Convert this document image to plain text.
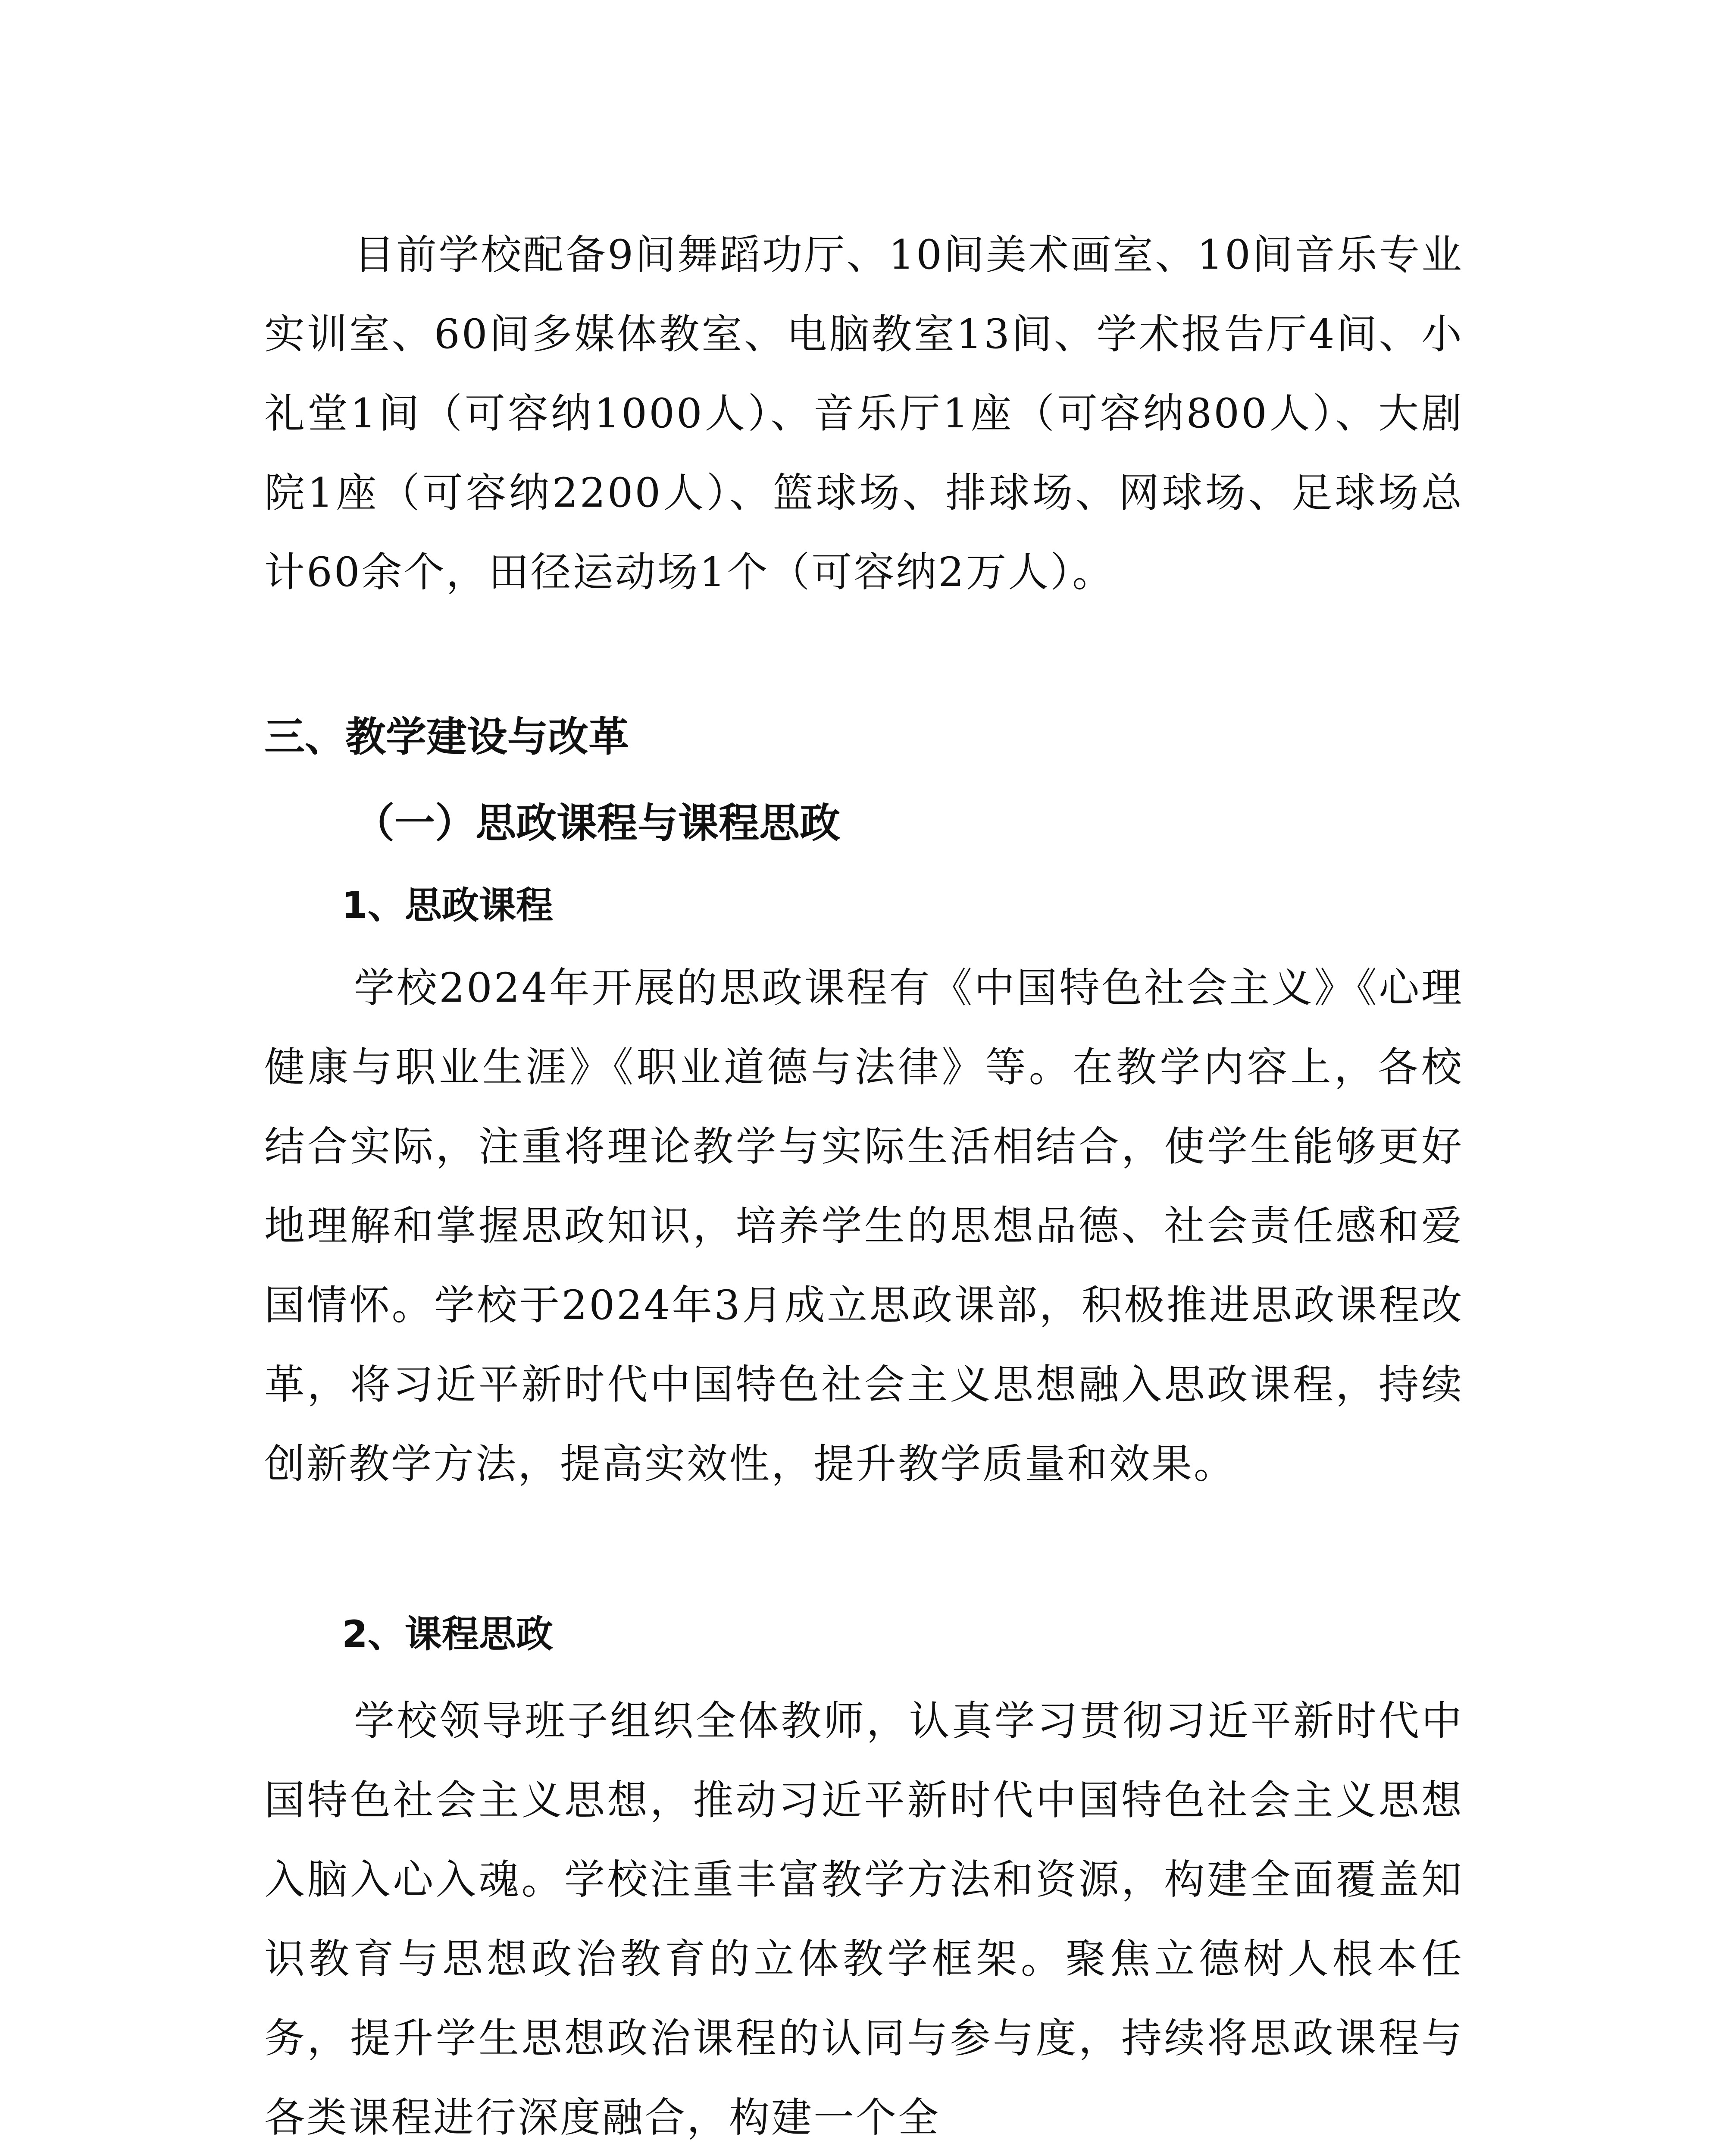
目前学校配备9间舞蹈功厅、10间美术画室、10间音乐专业实训室、60间多媒体教室、电脑教室13间、学术报告厅4间、小礼堂1间（可容纳1000人）、音乐厅1座（可容纳800人）、大剧院1座（可容纳2200人）、篮球场、排球场、网球场、足球场总计60余个，田径运动场1个（可容纳2万人）。

三、教学建设与改革
（一）思政课程与课程思政
1、思政课程

学校2024年开展的思政课程有《中国特色社会主义》《心理健康与职业生涯》《职业道德与法律》等。在教学内容上，各校结合实际，注重将理论教学与实际生活相结合，使学生能够更好地理解和掌握思政知识，培养学生的思想品德、社会责任感和爱国情怀。学校于2024年3月成立思政课部，积极推进思政课程改革，将习近平新时代中国特色社会主义思想融入思政课程，持续创新教学方法，提高实效性，提升教学质量和效果。

2、课程思政

学校领导班子组织全体教师，认真学习贯彻习近平新时代中国特色社会主义思想，推动习近平新时代中国特色社会主义思想入脑入心入魂。学校注重丰富教学方法和资源，构建全面覆盖知识教育与思想政治教育的立体教学框架。聚焦立德树人根本任务，提升学生思想政治课程的认同与参与度，持续将思政课程与各类课程进行深度融合，构建一个全
